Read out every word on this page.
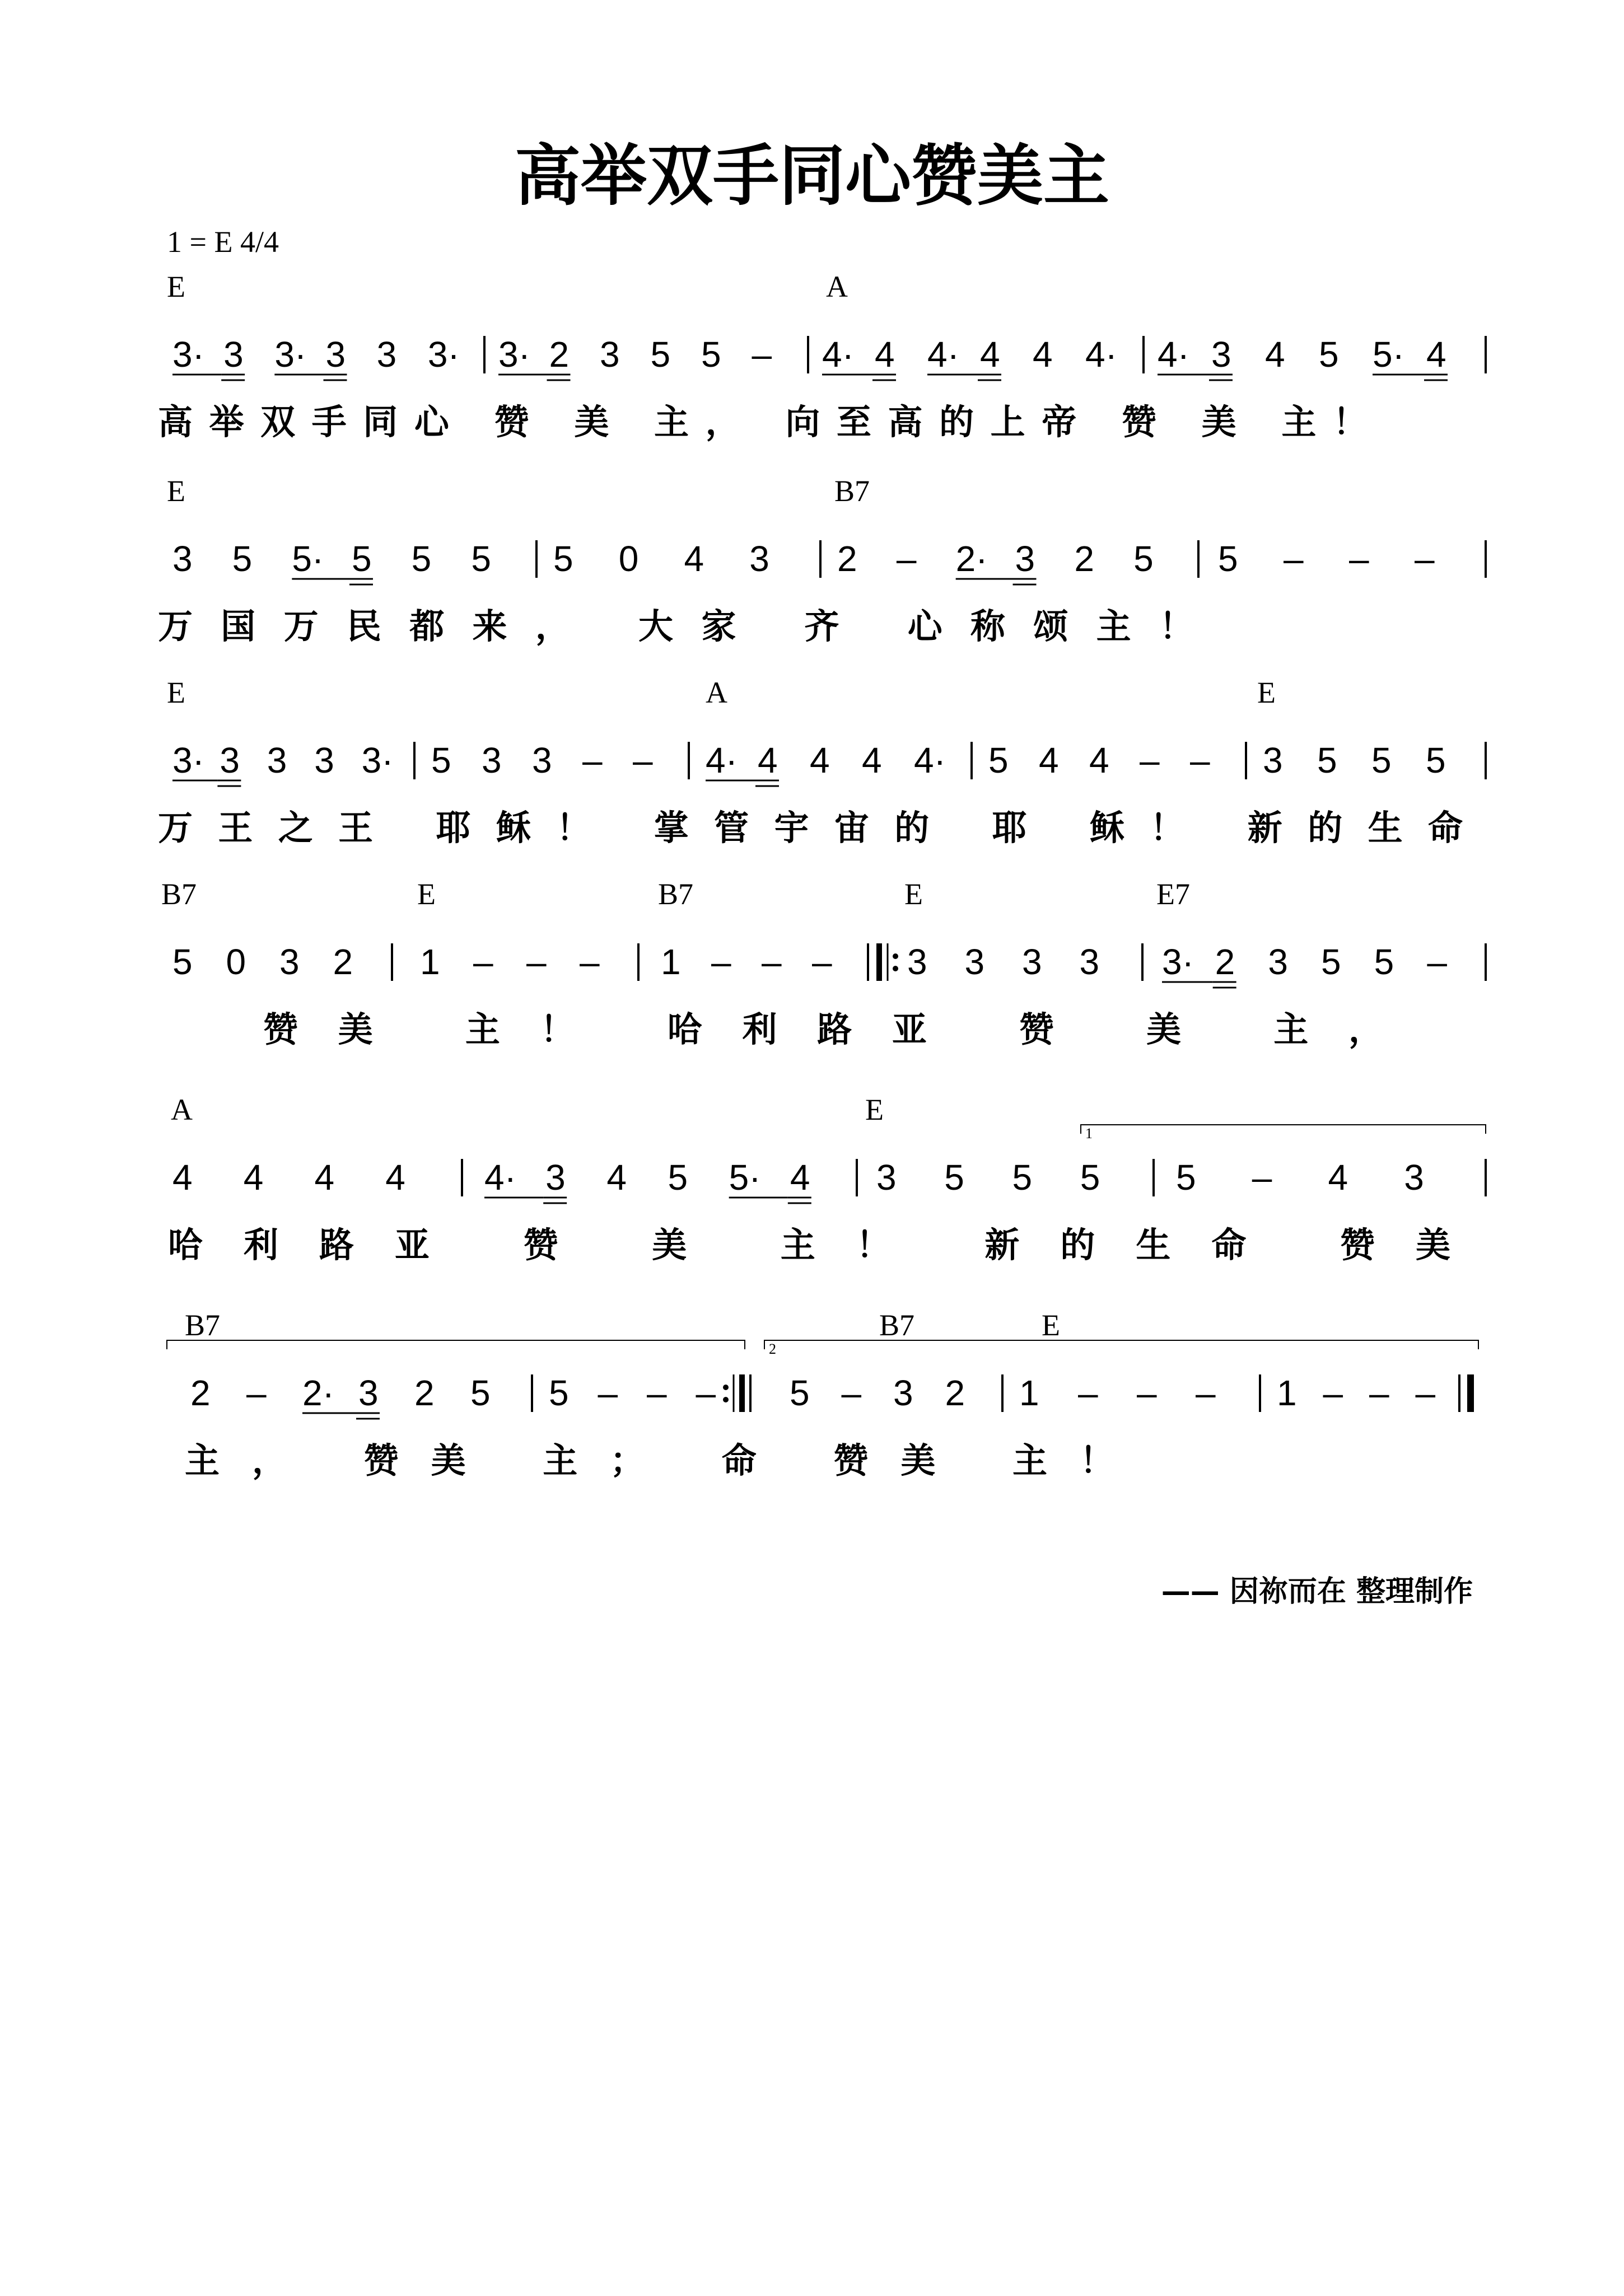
高举双手同心赞美主
1 = E 4/4
E	A
3· 3 3· 3 3 3· 3· 2 3 5 5 – 4· 4 4· 4 4 4· 4· 3 4 5 5· 4
高举双手同心 赞 美 主， 向至高的上帝 赞 美 主！
E	B7
3 5 5· 5 5 5 5 0 4 3 2 – 2· 3 2 5 5 – – –
万国万民都来， 大家 齐 心称颂主！
E	A	E
3· 3 3 3 3· 5 3 3 – – 4· 4 4 4 4· 5 4 4 – – 3 5 5 5
万王之王 耶稣！ 掌管宇宙的 耶 稣！ 新的生命
B7	E	B7	E	E7
5 0 3 2 1 – – – 1 – – – 3 3 3 3 3· 2 3 5 5 –
赞美 主！ 哈利路亚 赞 美 主，
A	E
1
4 4 4 4 4· 3 4 5 5· 4 3 5 5 5 5 – 4 3
哈利路亚 赞 美 主！ 新的生命 赞美
B7	B7	E
2
2 – 2· 3 2 5 5 – – – 5 – 3 2 1 – – – 1 – – –
主， 赞美 主； 命 赞美 主！
—— 因祢而在 整理制作
